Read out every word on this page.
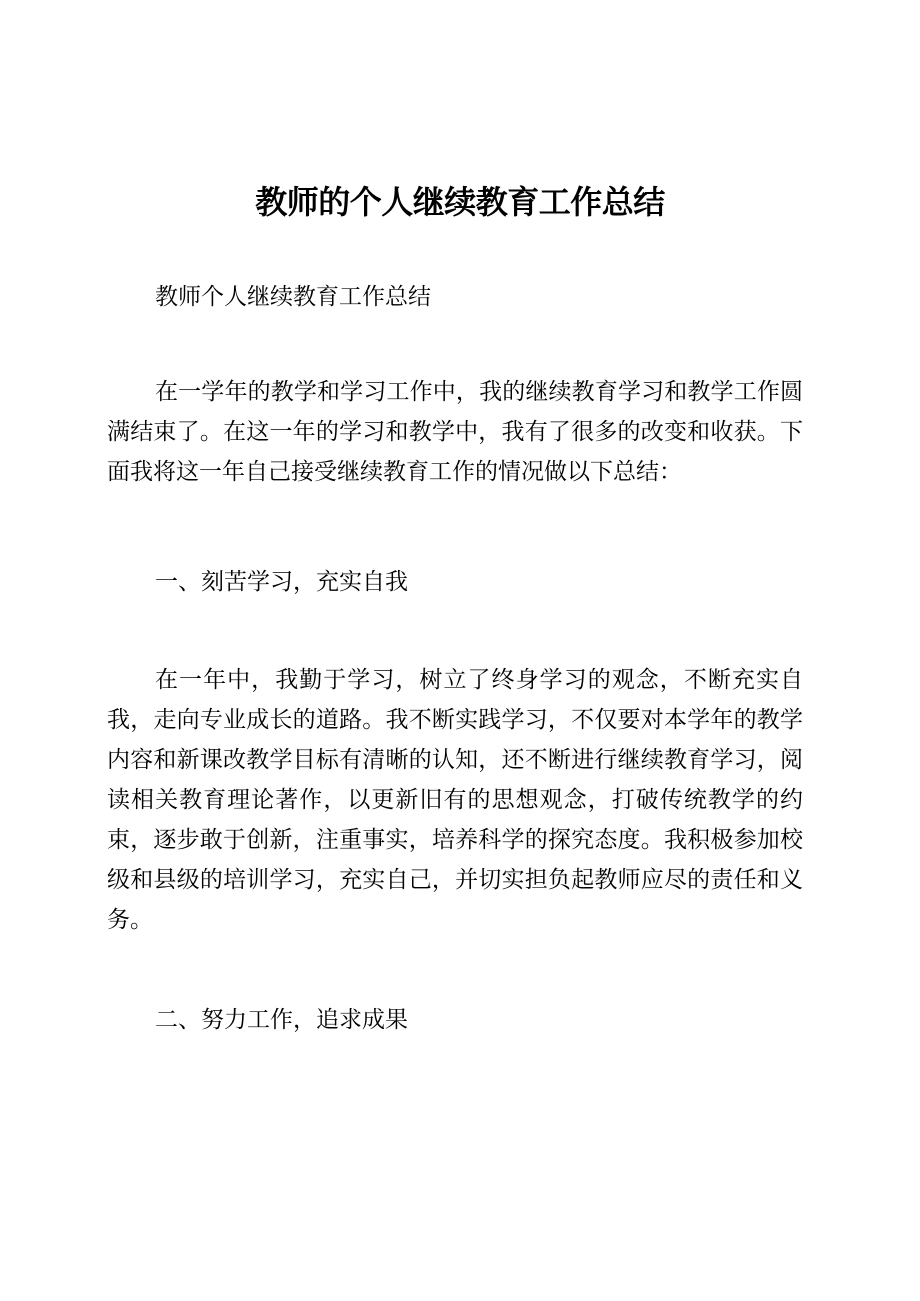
教师的个人继续教育工作总结
教师个人继续教育工作总结
在一学年的教学和学习工作中，我的继续教育学习和教学工作圆满结束了。在这一年的学习和教学中，我有了很多的改变和收获。下面我将这一年自己接受继续教育工作的情况做以下总结：
一、刻苦学习，充实自我
在一年中，我勤于学习，树立了终身学习的观念，不断充实自我，走向专业成长的道路。我不断实践学习，不仅要对本学年的教学内容和新课改教学目标有清晰的认知，还不断进行继续教育学习，阅读相关教育理论著作，以更新旧有的思想观念，打破传统教学的约束，逐步敢于创新，注重事实，培养科学的探究态度。我积极参加校级和县级的培训学习，充实自己，并切实担负起教师应尽的责任和义务。
二、努力工作，追求成果
